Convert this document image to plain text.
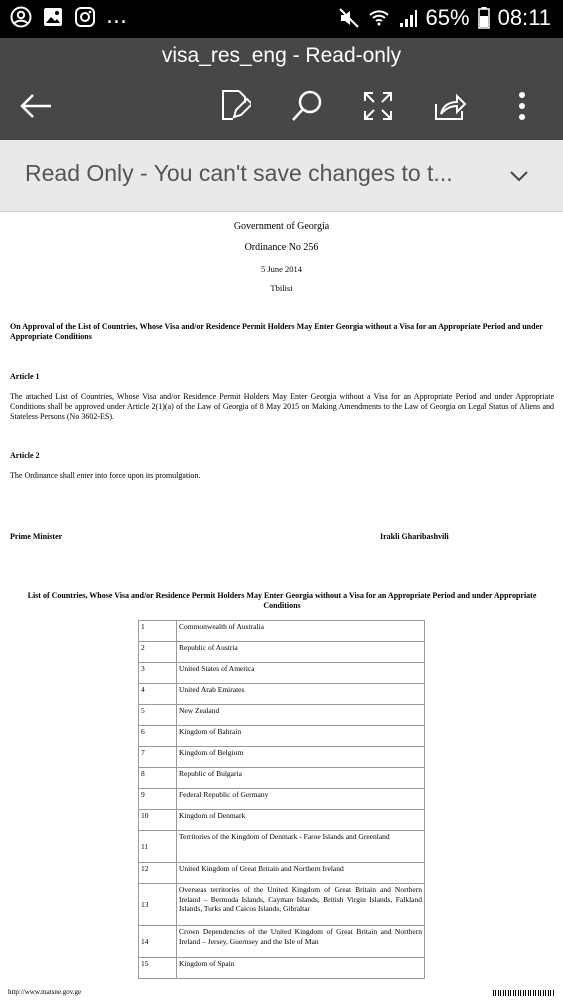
...	65% 08:11
visa_res_eng - Read-only
Read Only - You can't save changes to t...
Government of Georgia
Ordinance No 256
5 June 2014
Tbilisi
On Approval of the List of Countries, Whose Visa and/or Residence Permit Holders May Enter Georgia without a Visa for an Appropriate Period and under Appropriate Conditions
Article 1
The attached List of Countries, Whose Visa and/or Residence Permit Holders May Enter Georgia without a Visa for an Appropriate Period and under Appropriate Conditions shall be approved under Article 2(1)(a) of the Law of Georgia of 8 May 2015 on Making Amendments to the Law of Georgia on Legal Status of Aliens and Stateless Persons (No 3602-ES).
Article 2
The Ordinance shall enter into force upon its promulgation.
Prime Minister	Irakli Gharibashvili
List of Countries, Whose Visa and/or Residence Permit Holders May Enter Georgia without a Visa for an Appropriate Period and under Appropriate Conditions
1	Commonwealth of Australia
2	Republic of Austria
3	United States of America
4	United Arab Emirates
5	New Zealand
6	Kingdom of Bahrain
7	Kingdom of Belgium
8	Republic of Bulgaria
9	Federal Republic of Germany
10	Kingdom of Denmark
11	Territories of the Kingdom of Denmark - Faroe Islands and Greenland
12	United Kingdom of Great Britain and Northern Ireland
13	Overseas territories of the United Kingdom of Great Britain and Northern Ireland – Bermuda Islands, Cayman Islands, British Virgin Islands, Falkland Islands, Turks and Caicos Islands, Gibraltar
14	Crown Dependencies of the United Kingdom of Great Britain and Northern Ireland – Jersey, Guernsey and the Isle of Man
15	Kingdom of Spain
http://www.matsne.gov.ge
